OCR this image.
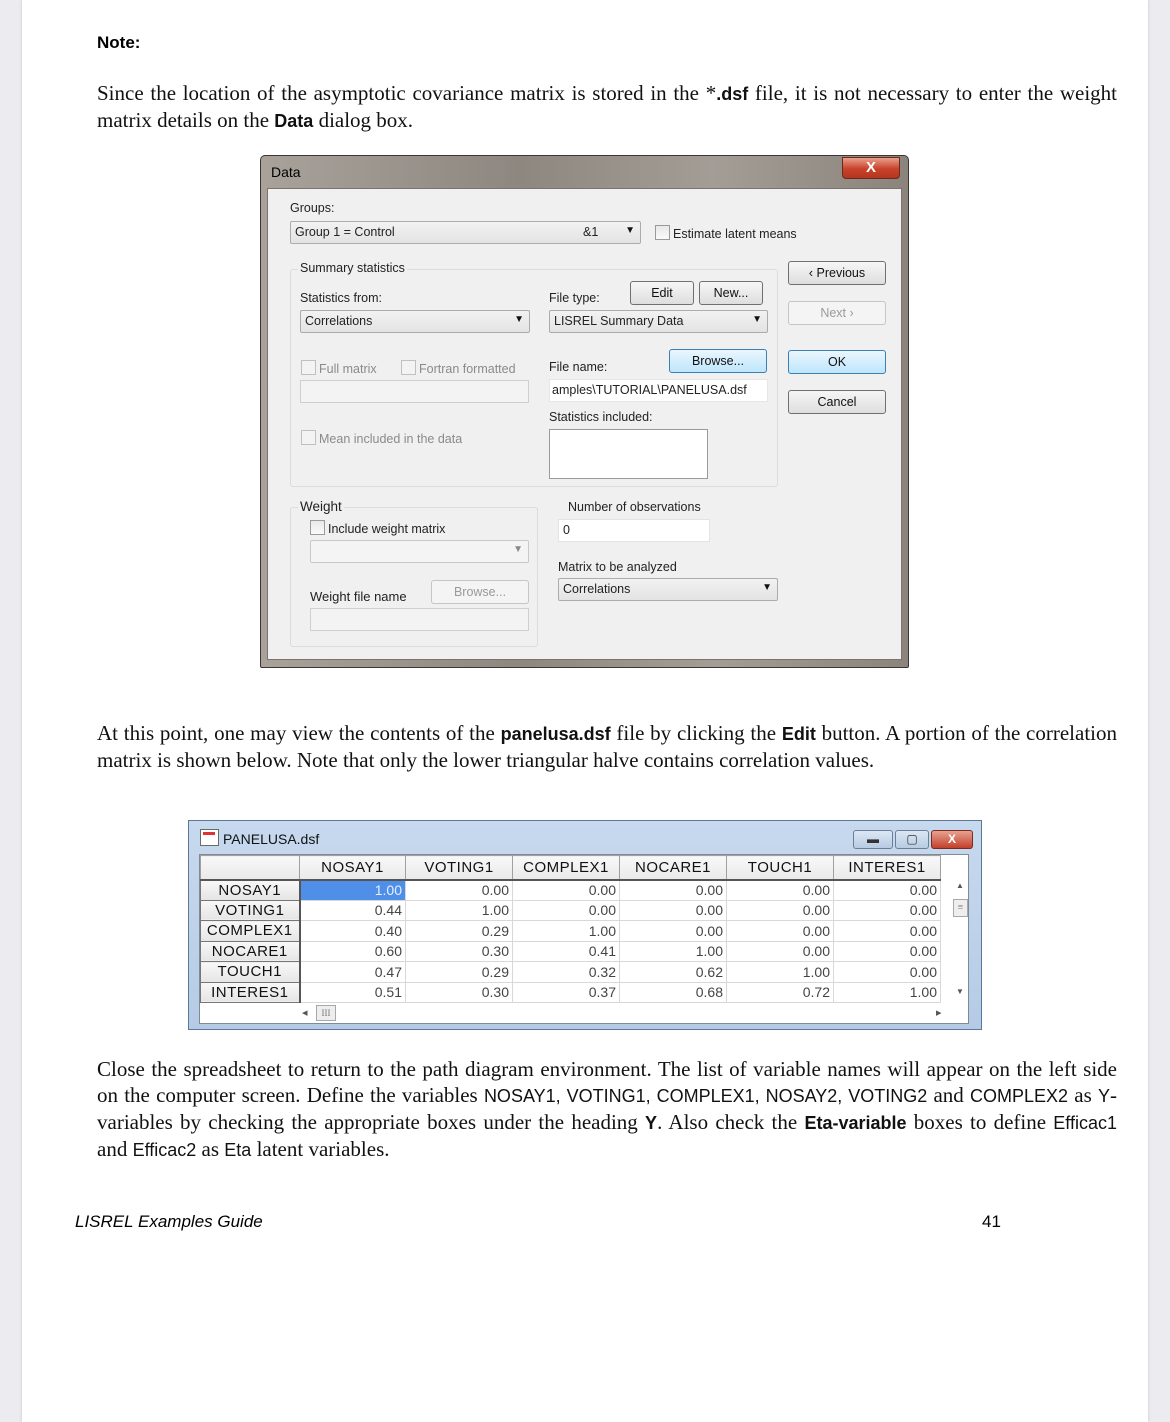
Note:
Since the location of the asymptotic covariance matrix is stored in the *.dsf file, it is not necessary to enter the weight matrix details on the Data dialog box.
Data	X
Groups:
Group 1 = Control	&1	▼	Estimate latent means
Summary statistics
Statistics from:
Correlations	▼
File type:	Edit	New...
LISREL Summary Data	▼
Full matrix	Fortran formatted	File name:	Browse...
amples\TUTORIAL\PANELUSA.dsf
Statistics included:
Mean included in the data
‹ Previous
Next ›
OK
Cancel
Weight
Include weight matrix
▼
Weight file name	Browse...
Number of observations
0
Matrix to be analyzed
Correlations	▼
At this point, one may view the contents of the panelusa.dsf file by clicking the Edit button. A portion of the correlation matrix is shown below. Note that only the lower triangular halve contains correlation values.
PANELUSA.dsf	▬	▢	X
	NOSAY1	VOTING1	COMPLEX1	NOCARE1	TOUCH1	INTERES1
NOSAY1	1.00	0.00	0.00	0.00	0.00	0.00
VOTING1	0.44	1.00	0.00	0.00	0.00	0.00
COMPLEX1	0.40	0.29	1.00	0.00	0.00	0.00
NOCARE1	0.60	0.30	0.41	1.00	0.00	0.00
TOUCH1	0.47	0.29	0.32	0.62	1.00	0.00
INTERES1	0.51	0.30	0.37	0.68	0.72	1.00
▲
≡
▼
◂	III	▸
Close the spreadsheet to return to the path diagram environment. The list of variable names will appear on the left side on the computer screen. Define the variables NOSAY1, VOTING1, COMPLEX1, NOSAY2, VOTING2 and COMPLEX2 as Y-variables by checking the appropriate boxes under the heading Y. Also check the Eta-variable boxes to define Efficac1 and Efficac2 as Eta latent variables.
LISREL Examples Guide	41
